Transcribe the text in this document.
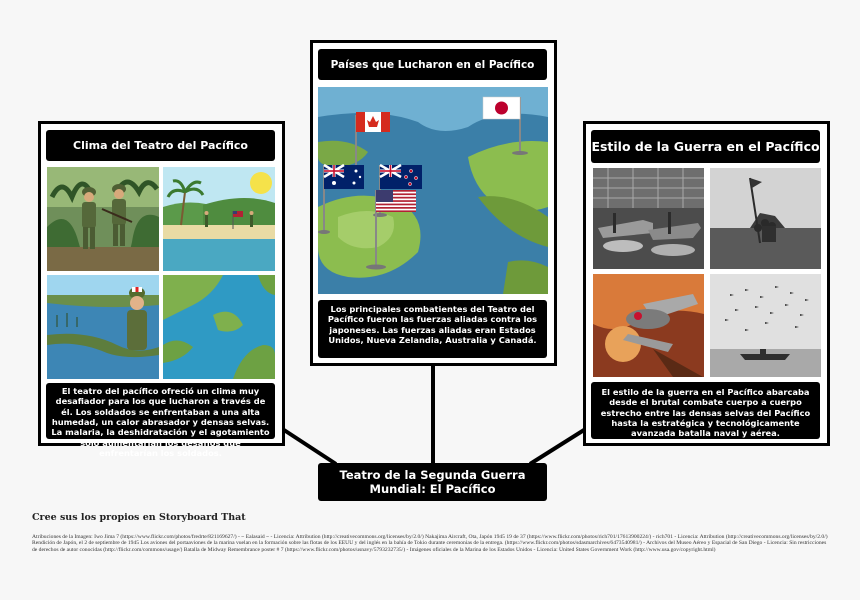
Clima del Teatro del Pacífico
El teatro del pacífico ofreció un clima muy desafiador para los que lucharon a través de él. Los soldados se enfrentaban a una alta humedad, un calor abrasador y densas selvas. La malaria, la deshidratación y el agotamiento sólo aumentarían los desafíos que enfrentarían los soldados.
Países que Lucharon en el Pacífico
Los principales combatientes del Teatro del Pacífico fueron las fuerzas aliadas contra los japoneses. Las fuerzas aliadas eran Estados Unidos, Nueva Zelandia, Australia y Canadá.
Estilo de la Guerra en el Pacífico
El estilo de la guerra en el Pacífico abarcaba desde el brutal combate cuerpo a cuerpo estrecho entre las densas selvas del Pacífico hasta la estratégica y tecnológicamente avanzada batalla naval y aérea.
Teatro de la Segunda Guerra Mundial: El Pacífico
Cree sus los propios en Storyboard That
Atribuciones de la Imagen: Iwo Jima 7 (https://www.flickr.com/photos/fredrte/821169627/) - ~ Ealasaid ~ - Licencia: Attribution (http://creativecommons.org/licenses/by/2.0/) Nakajima Aircraft, Ota, Japón 1945 19 de 37 (https://www.flickr.com/photos/rich701/17613900224/) - rich701 - Licencia: Attribution (http://creativecommons.org/licenses/by/2.0/) Rendición de Japón, el 2 de septiembre de 1945 Los aviones del portaaviones de la marina vuelan en la formación sobre las flotas de los EEUU y del inglés en la bahía de Tokio durante ceremonias de la entrega. (https://www.flickr.com/photos/sdasmarchives/6473540981/) - Archivos del Museo Aéreo y Espacial de San Diego - Licencia: Sin restricciones de derechos de autor conocidas (http://flickr.com/commons/usage/) Batalla de Midway Remembrance poster # 7 (https://www.flickr.com/photos/usnavy/5793232735/) - Imágenes oficiales de la Marina de los Estados Unidos - Licencia: United States Government Work (http://www.usa.gov/copyright.html)
